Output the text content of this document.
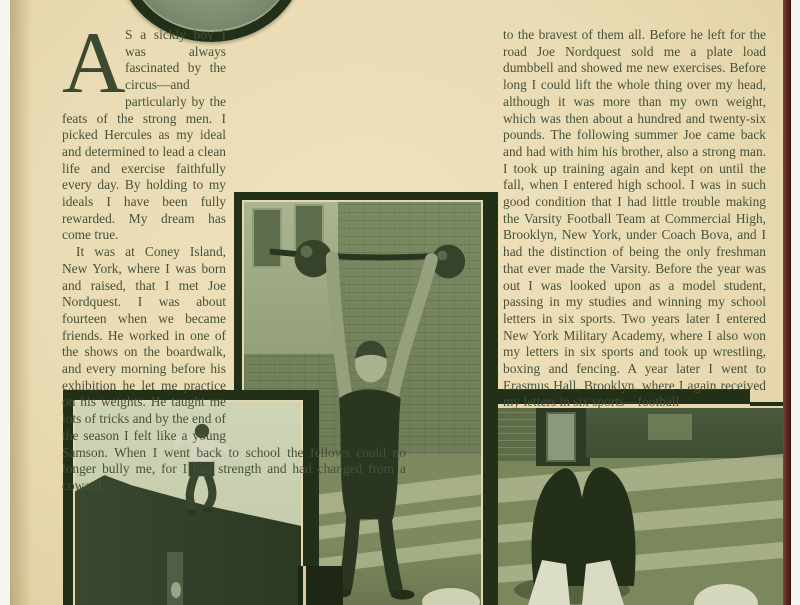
A S a sickly boy I was always fascinated by the circus—and particularly by the feats of the strong men. I picked Hercules as my ideal and determined to lead a clean life and exercise faithfully every day. By holding to my ideals I have been fully rewarded. My dream has come true.

It was at Coney Island, New York, where I was born and raised, that I met Joe Nordquest. I was about fourteen when we became friends. He worked in one of the shows on the boardwalk, and every morning before his exhibition he let me practice on his weights. He taught me lots of tricks and by the end of the season I felt like a young Samson. When I went back to school the fellows could no longer bully me, for I had strength and had changed from a coward

to the bravest of them all. Before he left for the road Joe Nordquest sold me a plate load dumbbell and showed me new exercises. Before long I could lift the whole thing over my head, although it was more than my own weight, which was then about a hundred and twenty-six pounds. The following summer Joe came back and had with him his brother, also a strong man. I took up training again and kept on until the fall, when I entered high school. I was in such good condition that I had little trouble making the Varsity Football Team at Commercial High, Brooklyn, New York, under Coach Bova, and I had the distinction of being the only freshman that ever made the Varsity. Before the year was out I was looked upon as a model student, passing in my studies and winning my school letters in six sports. Two years later I entered New York Military Academy, where I also won my letters in six sports and took up wrestling, boxing and fencing. A year later I went to Erasmus Hall, Brooklyn, where I again received my letters in six sports—football
